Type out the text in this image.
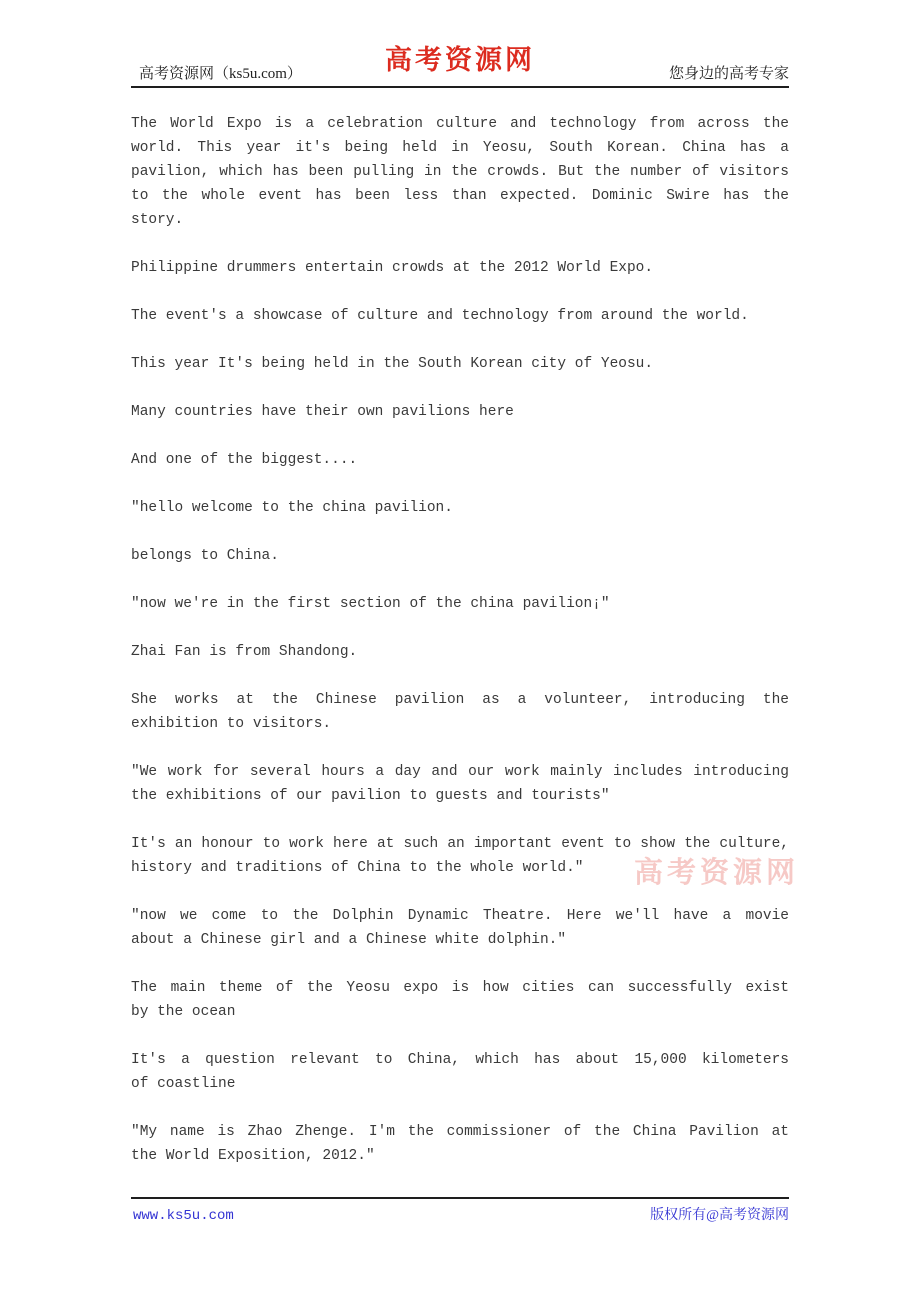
高考资源网（ks5u.com）	高考资源网	您身边的高考专家

The World Expo is a celebration culture and technology from across the
world. This year it's being held in Yeosu, South Korean. China has a
pavilion, which has been pulling in the crowds. But the number of visitors
to the whole event has been less than expected. Dominic Swire has the
story.

Philippine drummers entertain crowds at the 2012 World Expo.

The event's a showcase of culture and technology from around the world.

This year It's being held in the South Korean city of Yeosu.

Many countries have their own pavilions here

And one of the biggest....

"hello welcome to the china pavilion.

belongs to China.

"now we're in the first section of the china pavilion¡"

Zhai Fan is from Shandong.

She works at the Chinese pavilion as a volunteer, introducing the
exhibition to visitors.

"We work for several hours a day and our work mainly includes introducing
the exhibitions of our pavilion to guests and tourists"

It's an honour to work here at such an important event to show the culture,
history and traditions of China to the whole world."

"now we come to the Dolphin Dynamic Theatre. Here we'll have a movie
about a Chinese girl and a Chinese white dolphin."

The main theme of the Yeosu expo is how cities can successfully exist
by the ocean

It's a question relevant to China, which has about 15,000 kilometers
of coastline

"My name is Zhao Zhenge. I'm the commissioner of the China Pavilion at
the World Exposition, 2012."

高考资源网
www.ks5u.com	版权所有@高考资源网
